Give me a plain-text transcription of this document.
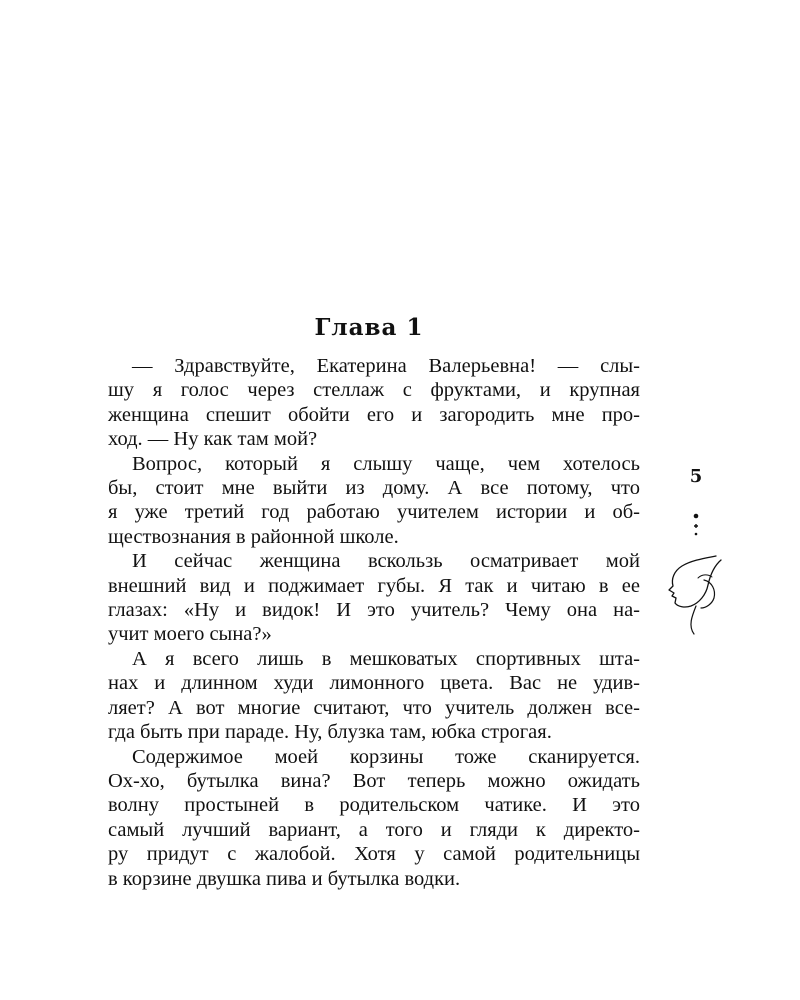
Глава 1

— Здравствуйте, Екатерина Валерьевна! — слы-
шу я голос через стеллаж с фруктами, и крупная
женщина спешит обойти его и загородить мне про-
ход. — Ну как там мой?

Вопрос, который я слышу чаще, чем хотелось
бы, стоит мне выйти из дому. А все потому, что
я уже третий год работаю учителем истории и об-
ществознания в районной школе.

И сейчас женщина вскользь осматривает мой
внешний вид и поджимает губы. Я так и читаю в ее
глазах: «Ну и видок! И это учитель? Чему она на-
учит моего сына?»

А я всего лишь в мешковатых спортивных шта-
нах и длинном худи лимонного цвета. Вас не удив-
ляет? А вот многие считают, что учитель должен все-
гда быть при параде. Ну, блузка там, юбка строгая.

Содержимое моей корзины тоже сканируется.
Ох-хо, бутылка вина? Вот теперь можно ожидать
волну простыней в родительском чатике. И это
самый лучший вариант, а того и гляди к директо-
ру придут с жалобой. Хотя у самой родительницы
в корзине двушка пива и бутылка водки.

5
